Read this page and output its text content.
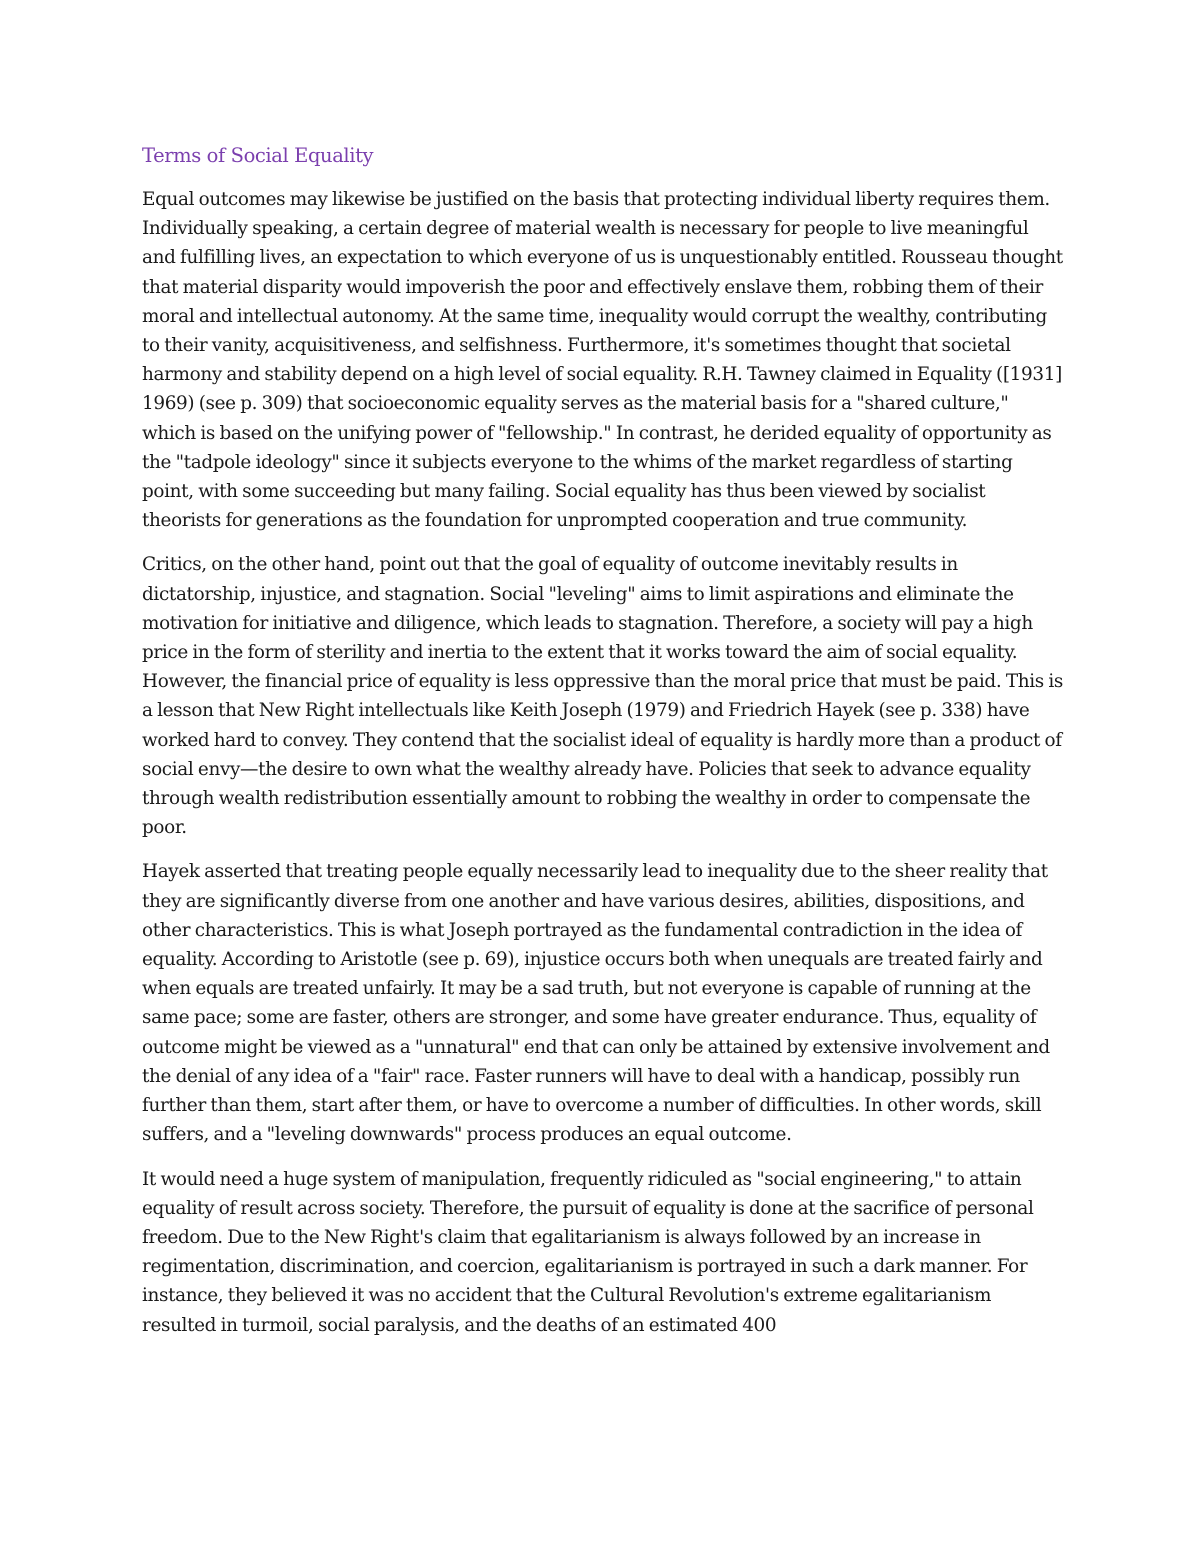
Terms of Social Equality

Equal outcomes may likewise be justified on the basis that protecting individual liberty requires them. Individually speaking, a certain degree of material wealth is necessary for people to live meaningful and fulfilling lives, an expectation to which everyone of us is unquestionably entitled. Rousseau thought that material disparity would impoverish the poor and effectively enslave them, robbing them of their moral and intellectual autonomy. At the same time, inequality would corrupt the wealthy, contributing to their vanity, acquisitiveness, and selfishness. Furthermore, it's sometimes thought that societal harmony and stability depend on a high level of social equality. R.H. Tawney claimed in Equality ([1931] 1969) (see p. 309) that socioeconomic equality serves as the material basis for a "shared culture," which is based on the unifying power of "fellowship." In contrast, he derided equality of opportunity as the "tadpole ideology" since it subjects everyone to the whims of the market regardless of starting point, with some succeeding but many failing. Social equality has thus been viewed by socialist theorists for generations as the foundation for unprompted cooperation and true community.

Critics, on the other hand, point out that the goal of equality of outcome inevitably results in dictatorship, injustice, and stagnation. Social "leveling" aims to limit aspirations and eliminate the motivation for initiative and diligence, which leads to stagnation. Therefore, a society will pay a high price in the form of sterility and inertia to the extent that it works toward the aim of social equality. However, the financial price of equality is less oppressive than the moral price that must be paid. This is a lesson that New Right intellectuals like Keith Joseph (1979) and Friedrich Hayek (see p. 338) have worked hard to convey. They contend that the socialist ideal of equality is hardly more than a product of social envy—the desire to own what the wealthy already have. Policies that seek to advance equality through wealth redistribution essentially amount to robbing the wealthy in order to compensate the poor.

Hayek asserted that treating people equally necessarily lead to inequality due to the sheer reality that they are significantly diverse from one another and have various desires, abilities, dispositions, and other characteristics. This is what Joseph portrayed as the fundamental contradiction in the idea of equality. According to Aristotle (see p. 69), injustice occurs both when unequals are treated fairly and when equals are treated unfairly. It may be a sad truth, but not everyone is capable of running at the same pace; some are faster, others are stronger, and some have greater endurance. Thus, equality of outcome might be viewed as a "unnatural" end that can only be attained by extensive involvement and the denial of any idea of a "fair" race. Faster runners will have to deal with a handicap, possibly run further than them, start after them, or have to overcome a number of difficulties. In other words, skill suffers, and a "leveling downwards" process produces an equal outcome.

It would need a huge system of manipulation, frequently ridiculed as "social engineering," to attain equality of result across society. Therefore, the pursuit of equality is done at the sacrifice of personal freedom. Due to the New Right's claim that egalitarianism is always followed by an increase in regimentation, discrimination, and coercion, egalitarianism is portrayed in such a dark manner. For instance, they believed it was no accident that the Cultural Revolution's extreme egalitarianism resulted in turmoil, social paralysis, and the deaths of an estimated 400
